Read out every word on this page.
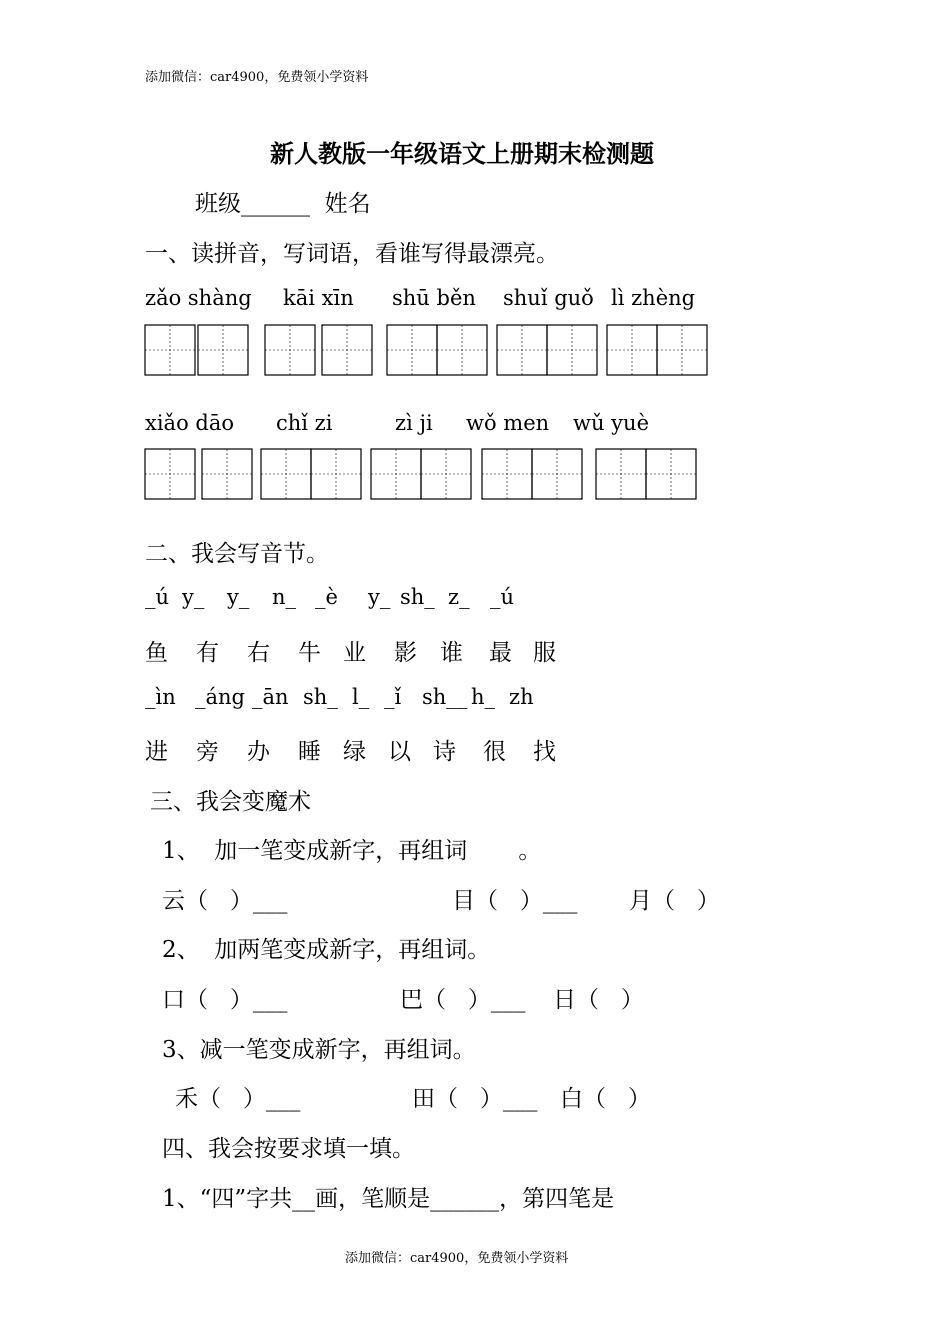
添加微信：car4900，免费领小学资料
新人教版一年级语文上册期末检测题
班级______  姓名
一、读拼音，写词语，看谁写得最漂亮。
zǎo shàng kāi xīn shū běn shuǐ guǒ lì zhèng
xiǎo dāo chǐ zi	zì ji wǒ men wǔ yuè
二、我会写音节。
_ú y_ y_ n_ _è y_ sh_ z_ _ú
鱼 有 右 牛 业 影 谁 最 服
_ìn _áng _ān sh_ l_ _ǐ sh__ h_ zh
进 旁 办 睡 绿 以 诗 很 找
三、我会变魔术
1、  加一笔变成新字，再组词       。
云（   ）___	目（   ）___ 月（   ）
2、  加两笔变成新字，再组词。
口（   ）___	巴（   ）___ 日（   ）
3、减一笔变成新字，再组词。
禾（   ）___	田（   ）___ 白（   ）
四、我会按要求填一填。
1、“四”字共__画，笔顺是______，第四笔是
添加微信：car4900，免费领小学资料
